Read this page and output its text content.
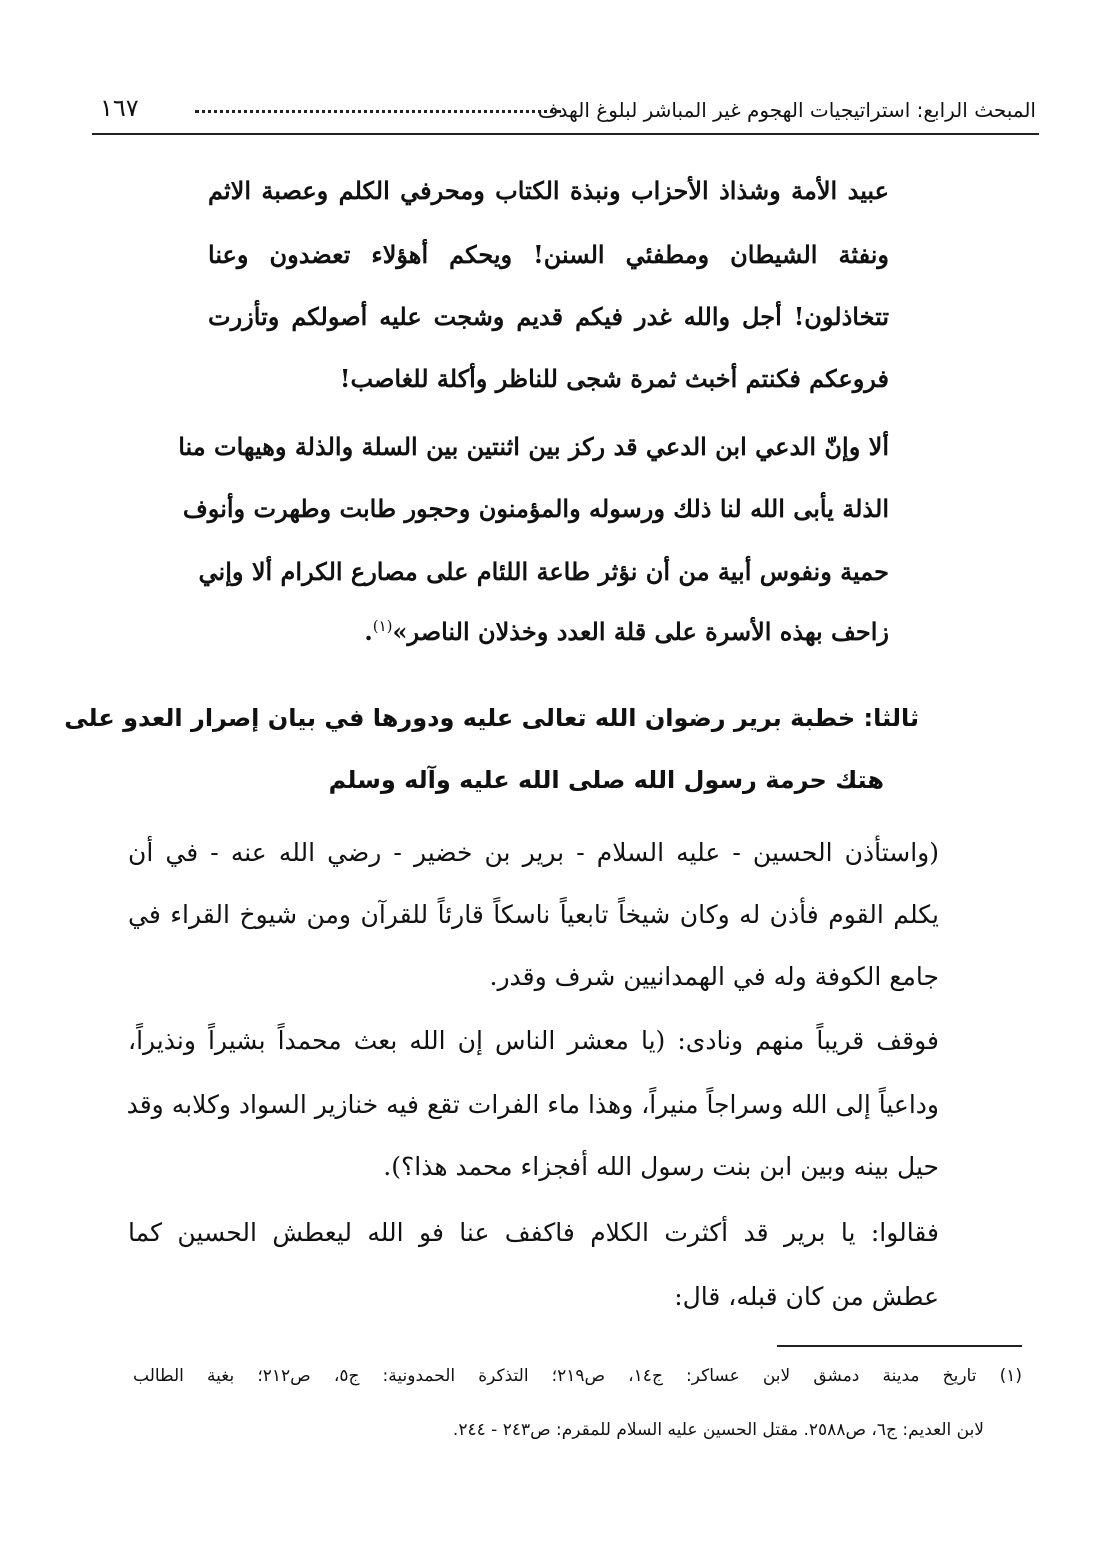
المبحث الرابع: استراتيجيات الهجوم غير المباشر لبلوغ الهدف
١٦٧
عبيد الأمة وشذاذ الأحزاب ونبذة الكتاب ومحرفي الكلم وعصبة الاثم
ونفثة الشيطان ومطفئي السنن! ويحكم أهؤلاء تعضدون وعنا
تتخاذلون! أجل والله غدر فيكم قديم وشجت عليه أصولكم وتأزرت
فروعكم فكنتم أخبث ثمرة شجى للناظر وأكلة للغاصب!
ألا وإنّ الدعي ابن الدعي قد ركز بين اثنتين بين السلة والذلة وهيهات منا
الذلة يأبى الله لنا ذلك ورسوله والمؤمنون وحجور طابت وطهرت وأنوف
حمية ونفوس أبية من أن نؤثر طاعة اللئام على مصارع الكرام ألا وإني
زاحف بهذه الأسرة على قلة العدد وخذلان الناصر»$^{(١)}$.
ثالثا: خطبة برير رضوان الله تعالى عليه ودورها في بيان إصرار العدو على
هتك حرمة رسول الله صلى الله عليه وآله وسلم
(واستأذن الحسين - عليه السلام - برير بن خضير - رضي الله عنه - في أن
يكلم القوم فأذن له وكان شيخاً تابعياً ناسكاً قارئاً للقرآن ومن شيوخ القراء في
جامع الكوفة وله في الهمدانيين شرف وقدر.
فوقف قريباً منهم ونادى: (يا معشر الناس إن الله بعث محمداً بشيراً ونذيراً،
وداعياً إلى الله وسراجاً منيراً، وهذا ماء الفرات تقع فيه خنازير السواد وكلابه وقد
حيل بينه وبين ابن بنت رسول الله أفجزاء محمد هذا؟).
فقالوا: يا برير قد أكثرت الكلام فاكفف عنا فو الله ليعطش الحسين كما
عطش من كان قبله، قال:
(١) تاريخ مدينة دمشق لابن عساكر: ج١٤، ص٢١٩؛ التذكرة الحمدونية: ج٥، ص٢١٢؛ بغية الطالب
لابن العديم: ج٦، ص٢٥٨٨. مقتل الحسين عليه السلام للمقرم: ص٢٤٣ - ٢٤٤.
